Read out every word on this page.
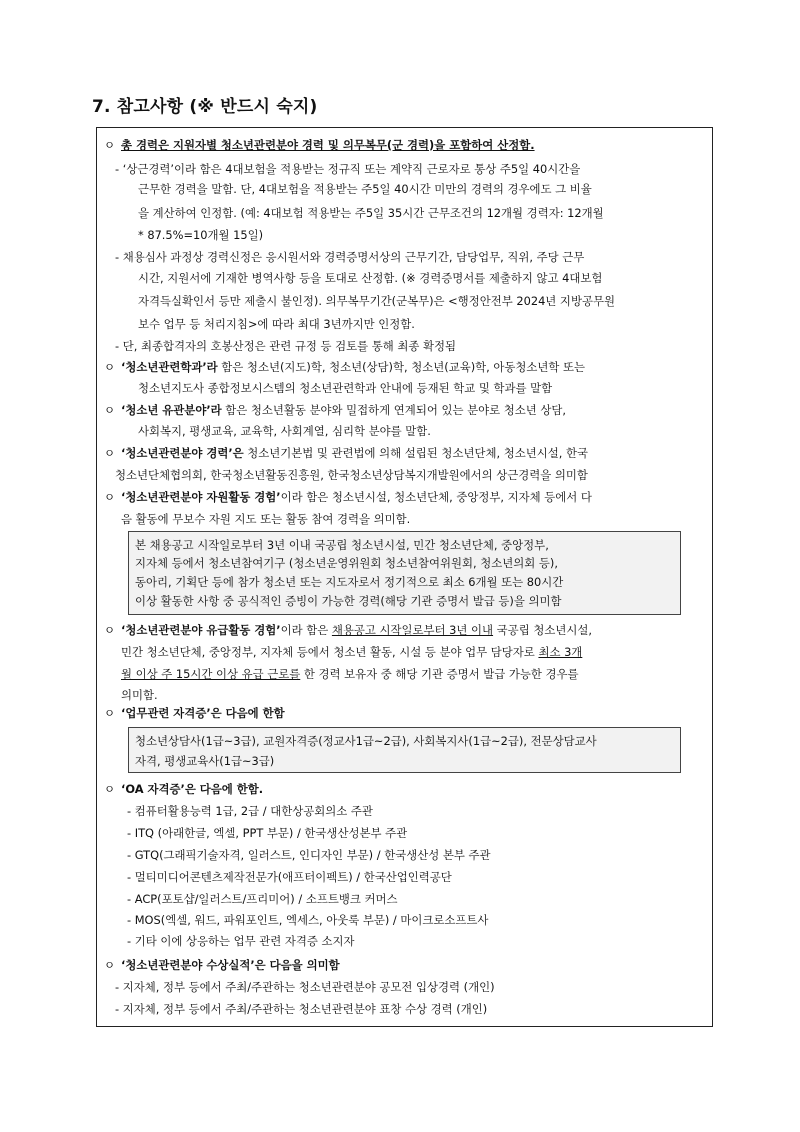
7. 참고사항 (※ 반드시 숙지)
ㅇ 총 경력은 지원자별 청소년관련분야 경력 및 의무복무(군 경력)을 포함하여 산정함.
- ‘상근경력’이라 함은 4대보험을 적용받는 정규직 또는 계약직 근로자로 통상 주5일 40시간을
근무한 경력을 말함. 단, 4대보험을 적용받는 주5일 40시간 미만의 경력의 경우에도 그 비율
을 계산하여 인정함. (예: 4대보험 적용받는 주5일 35시간 근무조건의 12개월 경력자: 12개월
* 87.5%=10개월 15일)
- 채용심사 과정상 경력신정은 응시원서와 경력증명서상의 근무기간, 담당업무, 직위, 주당 근무
시간, 지원서에 기재한 병역사항 등을 토대로 산정함. (※ 경력증명서를 제출하지 않고 4대보험
자격득실확인서 등만 제출시 불인정). 의무복무기간(군복무)은 <행정안전부 2024년 지방공무원
보수 업무 등 처리지침>에 따라 최대 3년까지만 인정함.
- 단, 최종합격자의 호봉산정은 관련 규정 등 검토를 통해 최종 확정됨
ㅇ ‘청소년관련학과’라 함은 청소년(지도)학, 청소년(상담)학, 청소년(교육)학, 아동청소년학 또는
청소년지도사 종합정보시스템의 청소년관련학과 안내에 등재된 학교 및 학과를 말함
ㅇ ‘청소년 유관분야’라 함은 청소년활동 분야와 밀접하게 연계되어 있는 분야로 청소년 상담,
사회복지, 평생교육, 교육학, 사회계열, 심리학 분야를 말함.
ㅇ ‘청소년관련분야 경력’은 청소년기본법 및 관련법에 의해 설립된 청소년단체, 청소년시설, 한국
청소년단체협의회, 한국청소년활동진흥원, 한국청소년상담복지개발원에서의 상근경력을 의미함
ㅇ ‘청소년관련분야 자원활동 경험’이라 함은 청소년시설, 청소년단체, 중앙정부, 지자체 등에서 다
음 활동에 무보수 자원 지도 또는 활동 참여 경력을 의미함.
본 채용공고 시작일로부터 3년 이내 국공립 청소년시설, 민간 청소년단체, 중앙정부,
지자체 등에서 청소년참여기구 (청소년운영위원회 청소년참여위원회, 청소년의회 등),
동아리, 기획단 등에 참가 청소년 또는 지도자로서 정기적으로 최소 6개월 또는 80시간
이상 활동한 사항 중 공식적인 증빙이 가능한 경력(해당 기관 증명서 발급 등)을 의미함
ㅇ ‘청소년관련분야 유급활동 경험’이라 함은 채용공고 시작일로부터 3년 이내 국공립 청소년시설,
민간 청소년단체, 중앙정부, 지자체 등에서 청소년 활동, 시설 등 분야 업무 담당자로 최소 3개
월 이상 주 15시간 이상 유급 근로를 한 경력 보유자 중 해당 기관 증명서 발급 가능한 경우를
의미함.
ㅇ ‘업무관련 자격증’은 다음에 한함
청소년상담사(1급~3급), 교원자격증(정교사1급~2급), 사회복지사(1급~2급), 전문상담교사
자격, 평생교육사(1급~3급)
ㅇ ‘OA 자격증’은 다음에 한함.
- 컴퓨터활용능력 1급, 2급 / 대한상공회의소 주관
- ITQ (아래한글, 엑셀, PPT 부문) / 한국생산성본부 주관
- GTQ(그래픽기술자격, 일러스트, 인디자인 부문) / 한국생산성 본부 주관
- 멀티미디어콘텐츠제작전문가(애프터이펙트) / 한국산업인력공단
- ACP(포토샵/일러스트/프리미어) / 소프트뱅크 커머스
- MOS(엑셀, 워드, 파워포인트, 엑세스, 아웃룩 부문) / 마이크로소프트사
- 기타 이에 상응하는 업무 관련 자격증 소지자
ㅇ ‘청소년관련분야 수상실적’은 다음을 의미함
- 지자체, 정부 등에서 주최/주관하는 청소년관련분야 공모전 입상경력 (개인)
- 지자체, 정부 등에서 주최/주관하는 청소년관련분야 표창 수상 경력 (개인)
